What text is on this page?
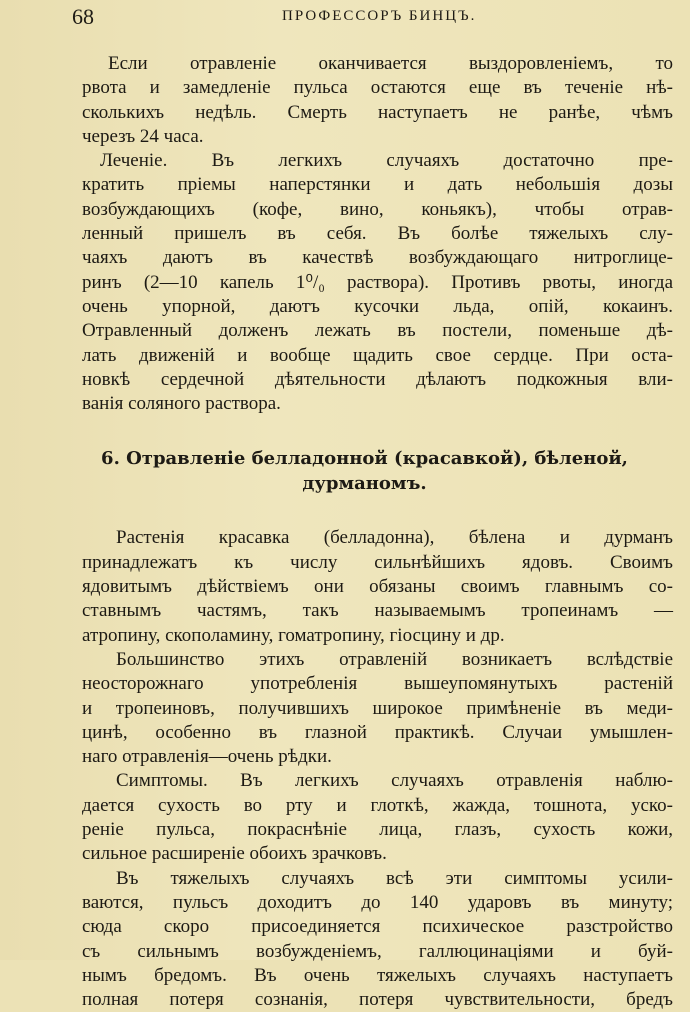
68	ПРОФЕССОРЪ БИНЦЪ.
Если отравленіе оканчивается выздоровленіемъ, то
рвота и замедленіе пульса остаются еще въ теченіе нѣ-
сколькихъ недѣль. Смерть наступаетъ не ранѣе, чѣмъ
черезъ 24 часа.
Леченіе. Въ легкихъ случаяхъ достаточно пре-
кратить пріемы наперстянки и дать небольшія дозы
возбуждающихъ (кофе, вино, коньякъ), чтобы отрав-
ленный пришелъ въ себя. Въ болѣе тяжелыхъ слу-
чаяхъ даютъ въ качествѣ возбуждающаго нитроглице-
ринъ (2—10 капель 1⁰/₀ раствора). Противъ рвоты, иногда
очень упорной, даютъ кусочки льда, опій, кокаинъ.
Отравленный долженъ лежать въ постели, поменьше дѣ-
лать движеній и вообще щадить свое сердце. При оста-
новкѣ сердечной дѣятельности дѣлаютъ подкожныя вли-
ванія соляного раствора.
6. Отравленіе белладонной (красавкой), бѣленой,
дурманомъ.
Растенія красавка (белладонна), бѣлена и дурманъ
принадлежатъ къ числу сильнѣйшихъ ядовъ. Своимъ
ядовитымъ дѣйствіемъ они обязаны своимъ главнымъ со-
ставнымъ частямъ, такъ называемымъ тропеинамъ —
атропину, скополамину, гоматропину, гіосцину и др.
Большинство этихъ отравленій возникаетъ вслѣдствіе
неосторожнаго употребленія вышеупомянутыхъ растеній
и тропеиновъ, получившихъ широкое примѣненіе въ меди-
цинѣ, особенно въ глазной практикѣ. Случаи умышлен-
наго отравленія—очень рѣдки.
Симптомы. Въ легкихъ случаяхъ отравленія наблю-
дается сухость во рту и глоткѣ, жажда, тошнота, уско-
реніе пульса, покраснѣніе лица, глазъ, сухость кожи,
сильное расширеніе обоихъ зрачковъ.
Въ тяжелыхъ случаяхъ всѣ эти симптомы усили-
ваются, пульсъ доходитъ до 140 ударовъ въ минуту;
сюда скоро присоединяется психическое разстройство
съ сильнымъ возбужденіемъ, галлюцинаціями и буй-
нымъ бредомъ. Въ очень тяжелыхъ случаяхъ наступаетъ
полная потеря сознанія, потеря чувствительности, бредъ
